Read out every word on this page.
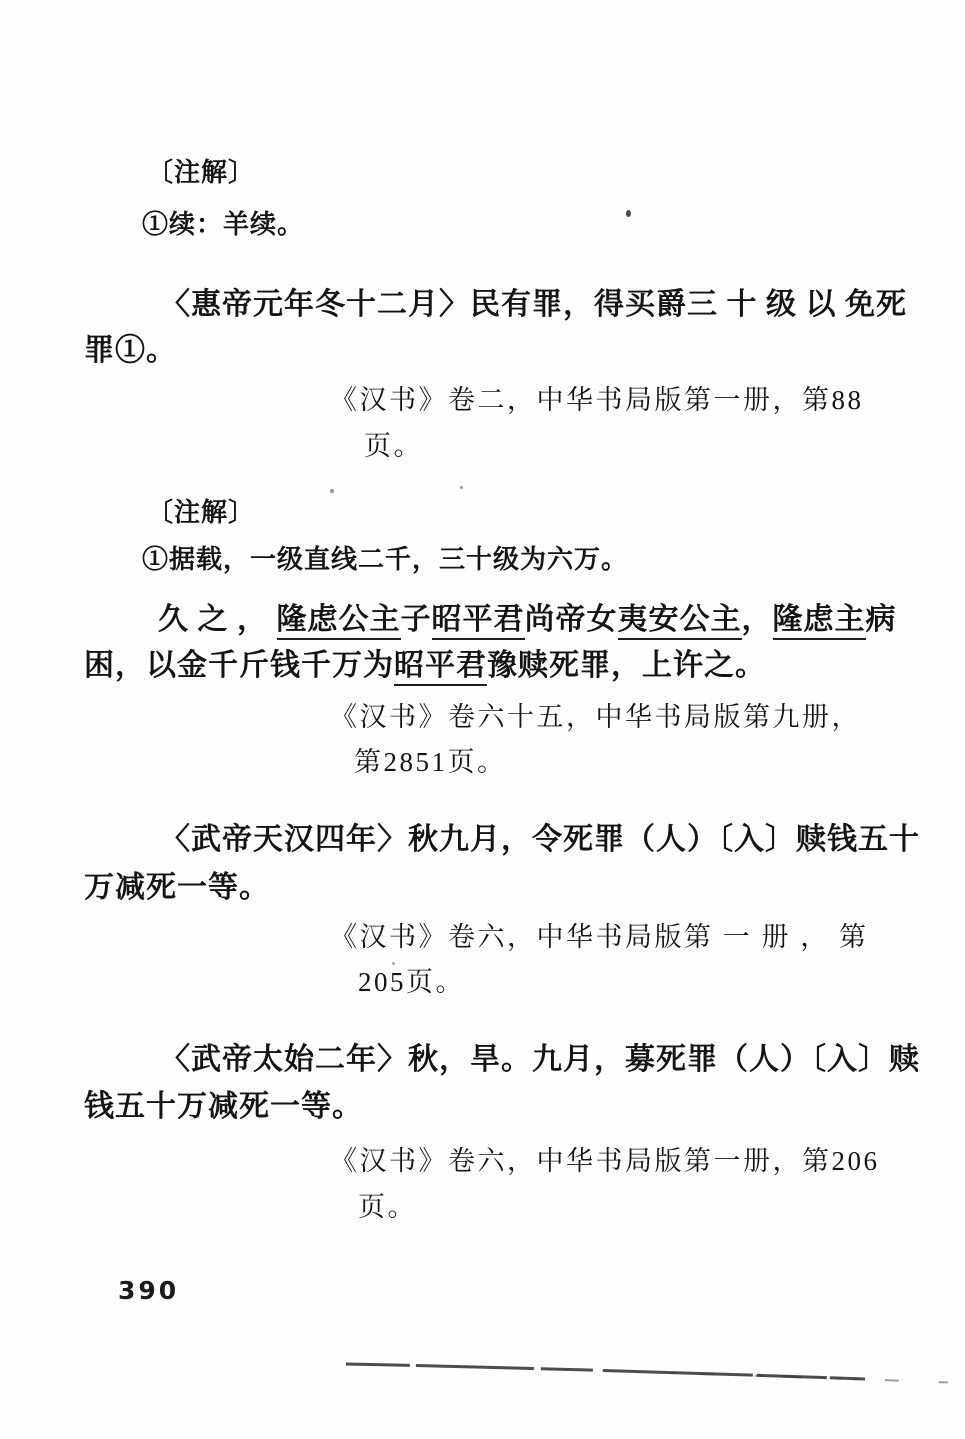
〔注解〕
①续：羊续。
〈惠帝元年冬十二月〉民有罪，得买爵三 十 级 以 免死
罪①。
《汉书》卷二，中华书局版第一册，第88
页。
〔注解〕
①据载，一级直线二千，三十级为六万。
久 之 ， 隆虑公主子昭平君尚帝女夷安公主，隆虑主病
困，以金千斤钱千万为昭平君豫赎死罪，上许之。
《汉书》卷六十五，中华书局版第九册，
第2851页。
〈武帝天汉四年〉秋九月，令死罪（人）〔入〕赎钱五十
万减死一等。
《汉书》卷六，中华书局版第 一 册 ， 第
205页。
〈武帝太始二年〉秋，旱。九月，募死罪（人）〔入〕赎
钱五十万减死一等。
《汉书》卷六，中华书局版第一册，第206
页。
390
